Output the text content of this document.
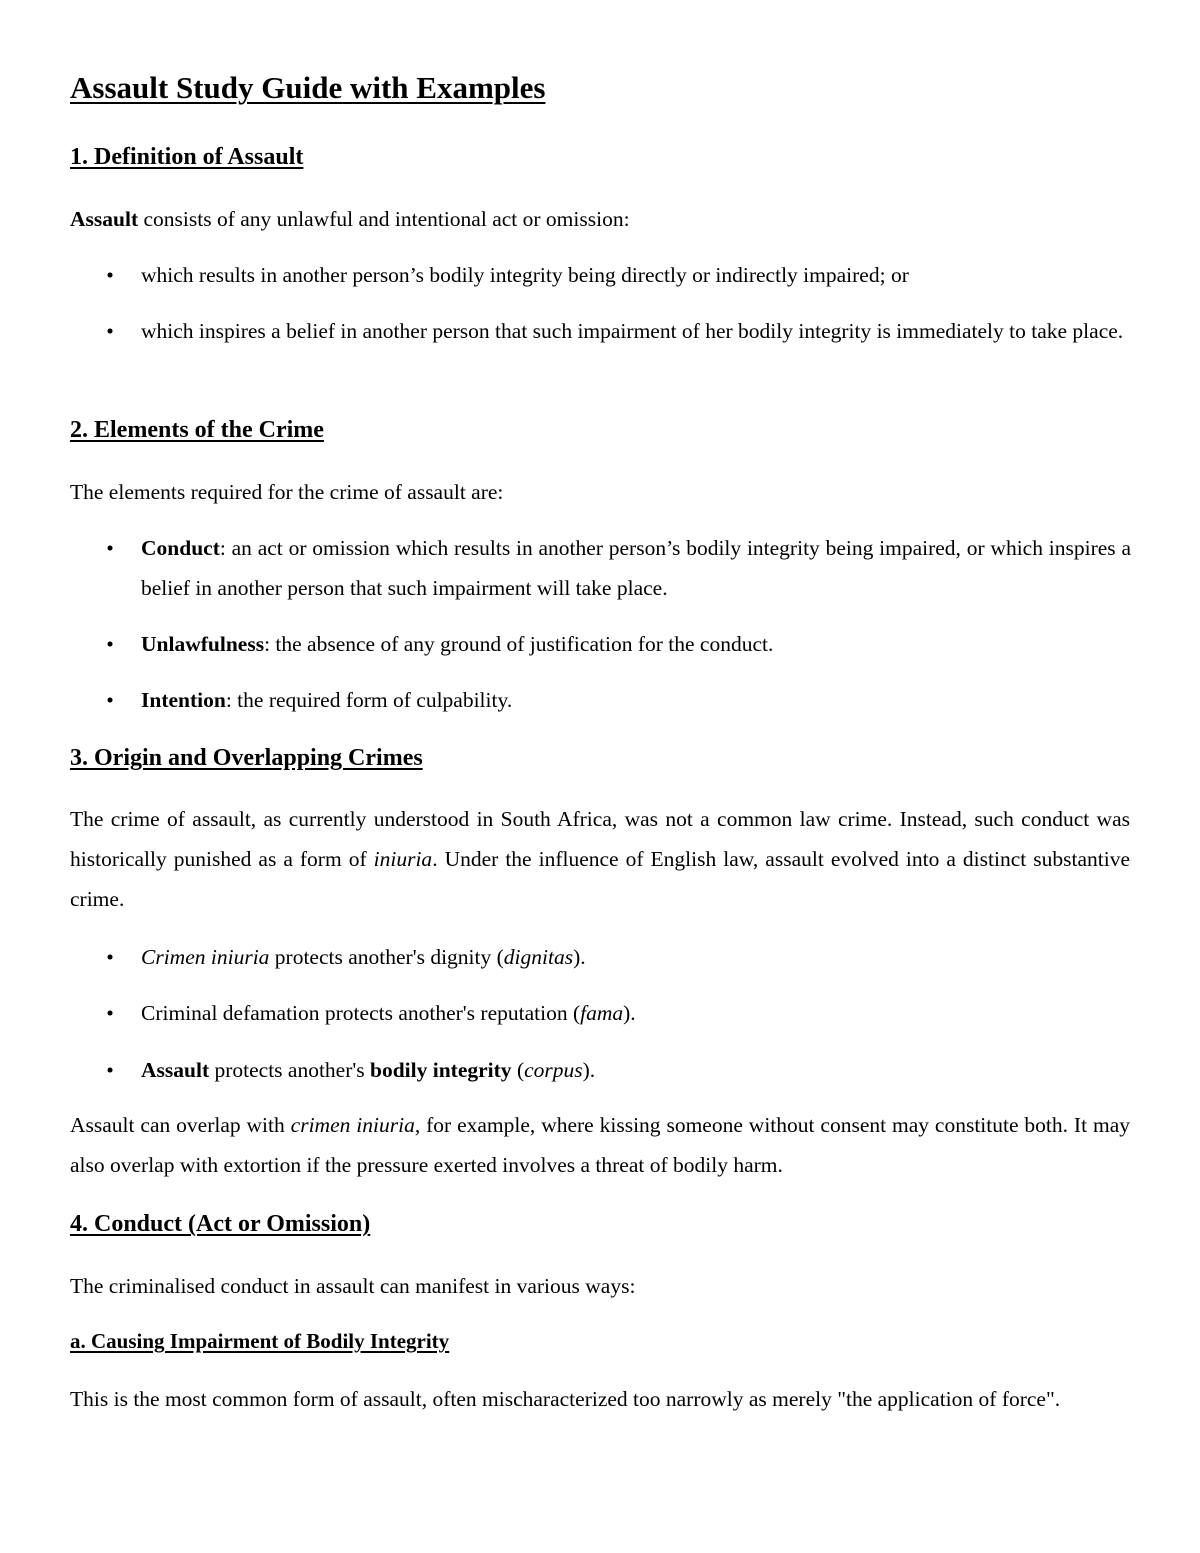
Assault Study Guide with Examples
1. Definition of Assault
Assault consists of any unlawful and intentional act or omission:
• which results in another person’s bodily integrity being directly or indirectly impaired; or
• which inspires a belief in another person that such impairment of her bodily integrity is immediately to take place.
2. Elements of the Crime
The elements required for the crime of assault are:
• Conduct: an act or omission which results in another person’s bodily integrity being impaired, or which inspires a belief in another person that such impairment will take place.
• Unlawfulness: the absence of any ground of justification for the conduct.
• Intention: the required form of culpability.
3. Origin and Overlapping Crimes
The crime of assault, as currently understood in South Africa, was not a common law crime. Instead, such conduct was historically punished as a form of iniuria. Under the influence of English law, assault evolved into a distinct substantive crime.
• Crimen iniuria protects another's dignity (dignitas).
• Criminal defamation protects another's reputation (fama).
• Assault protects another's bodily integrity (corpus).
Assault can overlap with crimen iniuria, for example, where kissing someone without consent may constitute both. It may also overlap with extortion if the pressure exerted involves a threat of bodily harm.
4. Conduct (Act or Omission)
The criminalised conduct in assault can manifest in various ways:
a. Causing Impairment of Bodily Integrity
This is the most common form of assault, often mischaracterized too narrowly as merely "the application of force".
